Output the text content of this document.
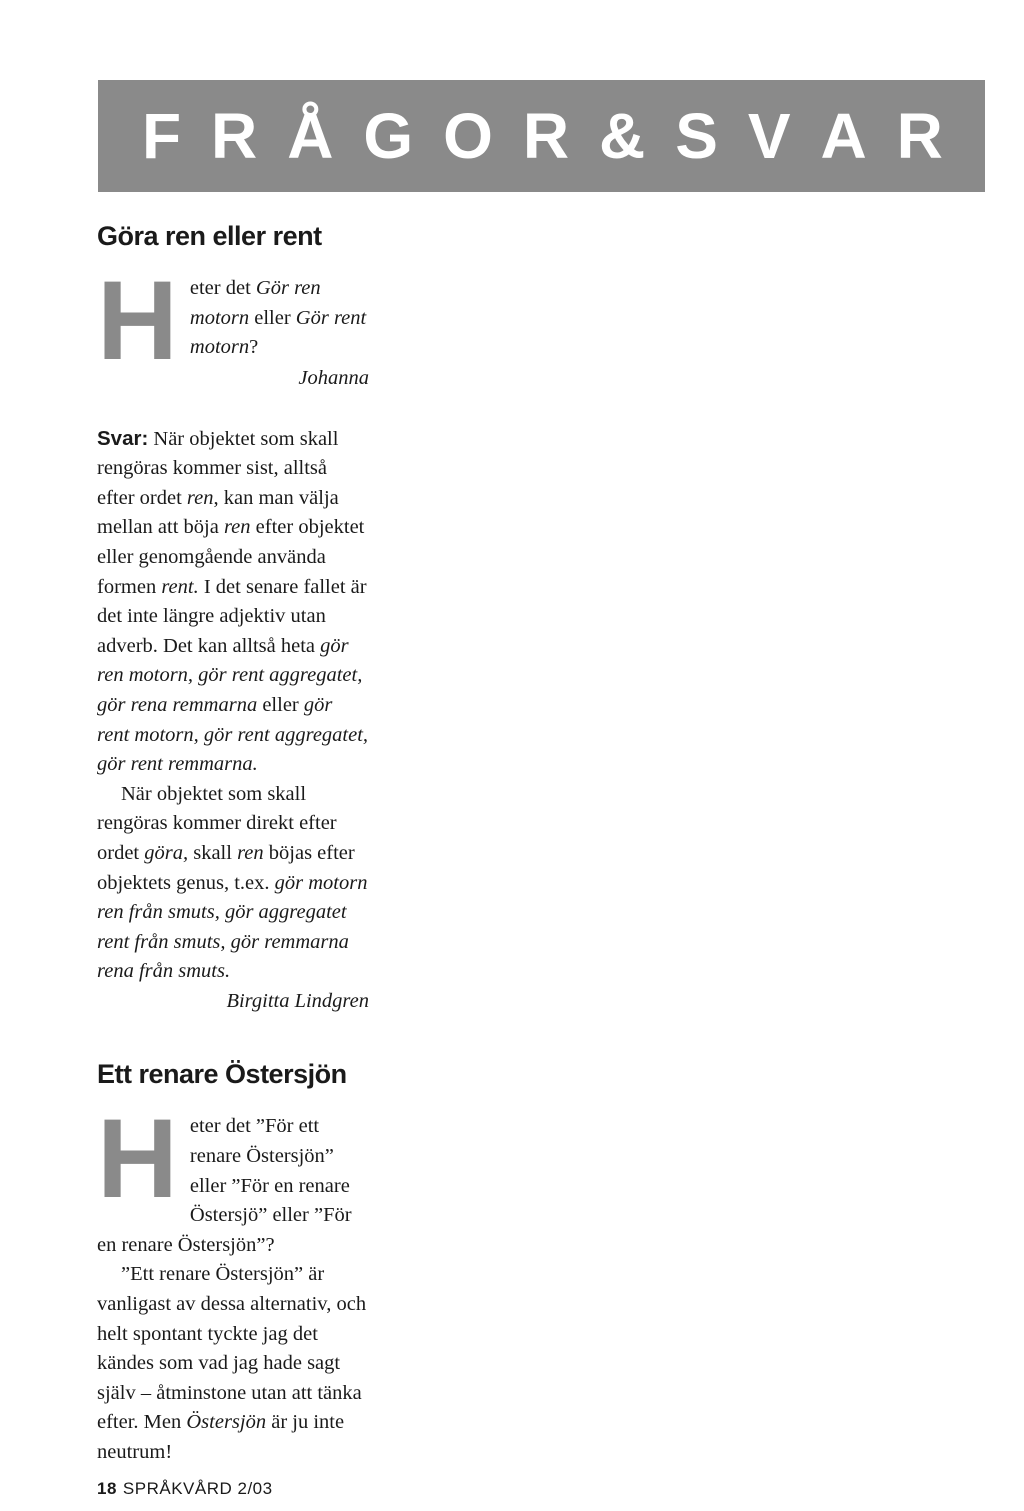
F R Å G O R & S V A R
Göra ren eller rent

Heter det Gör ren motorn eller Gör rent motorn?

Johanna

Svar: När objektet som skall rengöras kommer sist, alltså efter ordet ren, kan man välja mellan att böja ren efter objektet eller genomgående använda formen rent. I det senare fallet är det inte längre adjektiv utan adverb. Det kan alltså heta gör ren motorn, gör rent aggregatet, gör rena remmarna eller gör rent motorn, gör rent aggregatet, gör rent remmarna.

När objektet som skall rengöras kommer direkt efter ordet göra, skall ren böjas efter objektets genus, t.ex. gör motorn ren från smuts, gör aggregatet rent från smuts, gör remmarna rena från smuts.

Birgitta Lindgren

Ett renare Östersjön

Heter det ”För ett renare Östersjön” eller ”För en renare Östersjö” eller ”För en renare Östersjön”?

”Ett renare Östersjön” är vanligast av dessa alternativ, och helt spontant tyckte jag det kändes som vad jag hade sagt själv – åtminstone utan att tänka efter. Men Östersjön är ju inte neutrum!

18 SPRÅKVÅRD 2/03
